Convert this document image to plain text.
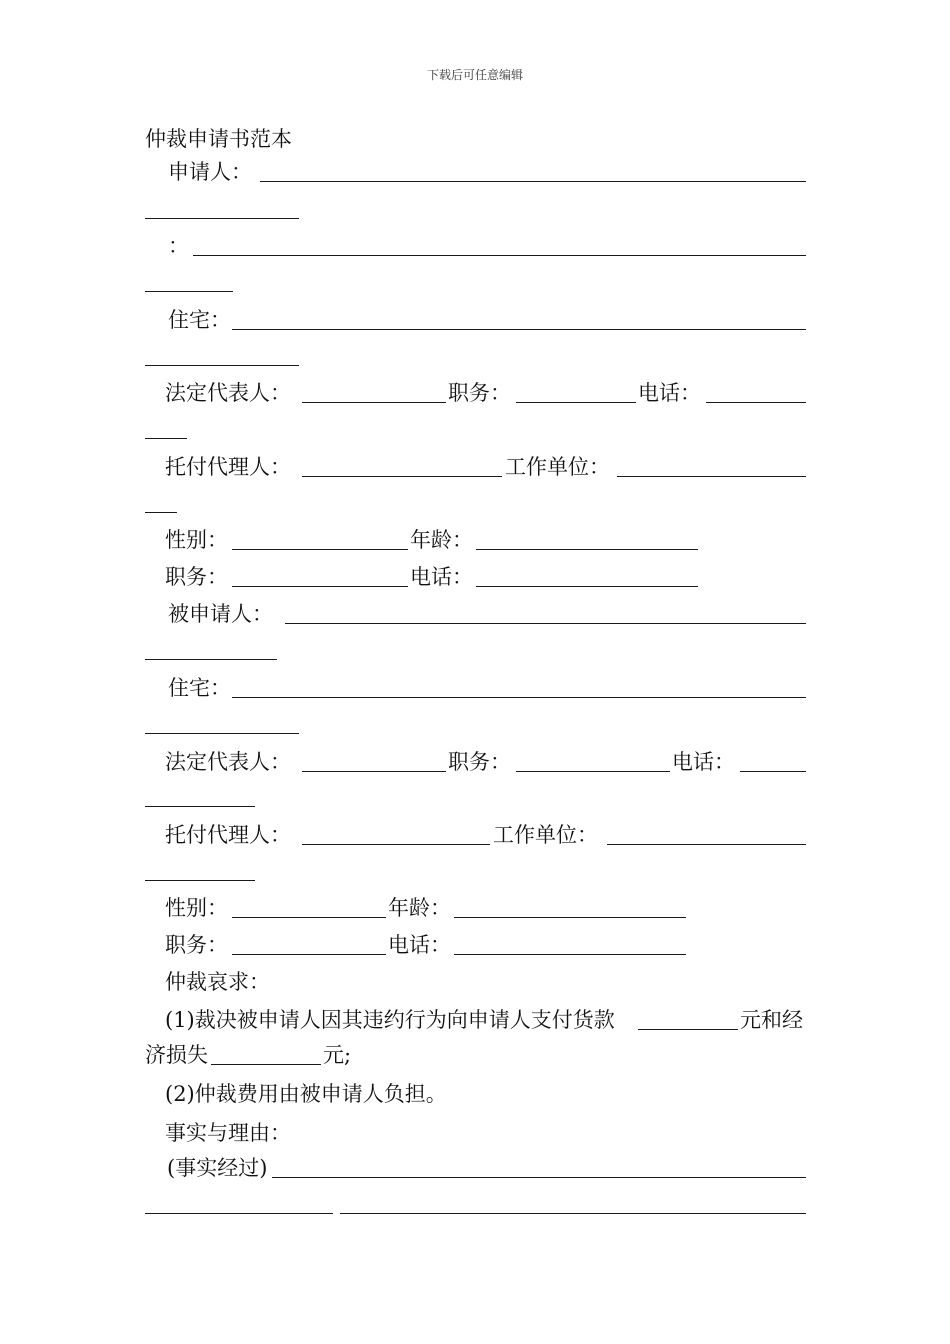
下载后可任意编辑
仲裁申请书范本
申请人：
：
住宅：
法定代表人：	职务：	电话：
托付代理人：	工作单位：
性别：	年龄：
职务：	电话：
被申请人：
住宅：
法定代表人：	职务：	电话：
托付代理人：	工作单位：
性别：	年龄：
职务：	电话：
仲裁哀求：
(1)裁决被申请人因其违约行为向申请人支付货款	元和经
济损失	元;
(2)仲裁费用由被申请人负担。
事实与理由：
(事实经过)
